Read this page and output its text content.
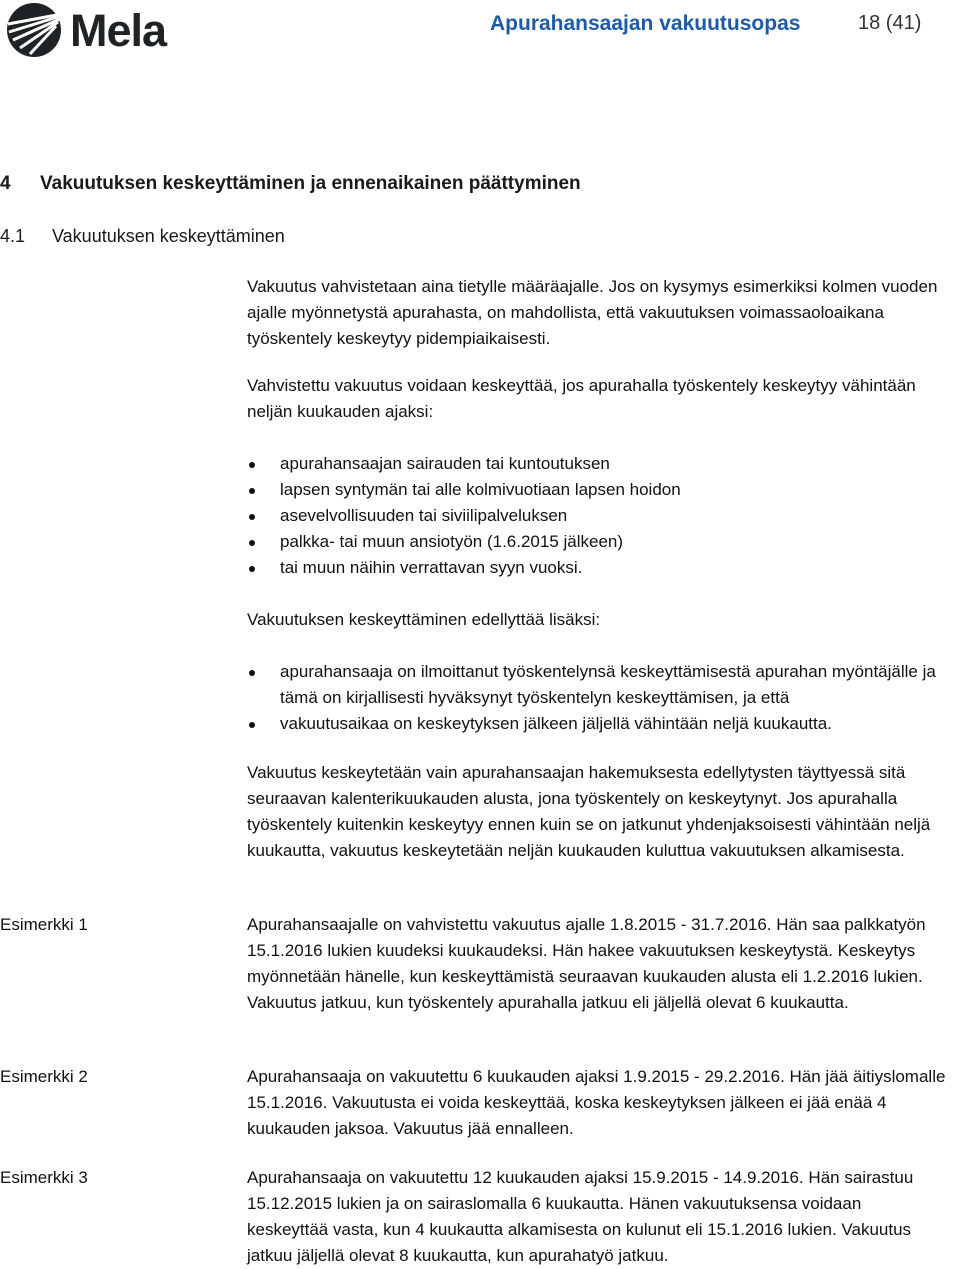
Mela	Apurahansaajan vakuutusopas	18 (41)
4 Vakuutuksen keskeyttäminen ja ennenaikainen päättyminen
4.1 Vakuutuksen keskeyttäminen
Vakuutus vahvistetaan aina tietylle määräajalle. Jos on kysymys esimerkiksi kolmen vuoden ajalle myönnetystä apurahasta, on mahdollista, että vakuutuksen voimassaoloaikana työskentely keskeytyy pidempiaikaisesti.
Vahvistettu vakuutus voidaan keskeyttää, jos apurahalla työskentely keskeytyy vähintään neljän kuukauden ajaksi:
apurahansaajan sairauden tai kuntoutuksen
lapsen syntymän tai alle kolmivuotiaan lapsen hoidon
asevelvollisuuden tai siviilipalveluksen
palkka- tai muun ansiotyön (1.6.2015 jälkeen)
tai muun näihin verrattavan syyn vuoksi.
Vakuutuksen keskeyttäminen edellyttää lisäksi:
apurahansaaja on ilmoittanut työskentelynsä keskeyttämisestä apurahan myöntäjälle ja tämä on kirjallisesti hyväksynyt työskentelyn keskeyttämisen, ja että
vakuutusaikaa on keskeytyksen jälkeen jäljellä vähintään neljä kuukautta.
Vakuutus keskeytetään vain apurahansaajan hakemuksesta edellytysten täyttyessä sitä seuraavan kalenterikuukauden alusta, jona työskentely on keskeytynyt. Jos apurahalla työskentely kuitenkin keskeytyy ennen kuin se on jatkunut yhdenjaksoisesti vähintään neljä kuukautta, vakuutus keskeytetään neljän kuukauden kuluttua vakuutuksen alkamisesta.
Esimerkki 1	Apurahansaajalle on vahvistettu vakuutus ajalle 1.8.2015 - 31.7.2016. Hän saa palkkatyön 15.1.2016 lukien kuudeksi kuukaudeksi. Hän hakee vakuutuksen keskeytystä. Keskeytys myönnetään hänelle, kun keskeyttämistä seuraavan kuukauden alusta eli 1.2.2016 lukien. Vakuutus jatkuu, kun työskentely apurahalla jatkuu eli jäljellä olevat 6 kuukautta.
Esimerkki 2	Apurahansaaja on vakuutettu 6 kuukauden ajaksi 1.9.2015 - 29.2.2016. Hän jää äitiyslomalle 15.1.2016. Vakuutusta ei voida keskeyttää, koska keskeytyksen jälkeen ei jää enää 4 kuukauden jaksoa. Vakuutus jää ennalleen.
Esimerkki 3	Apurahansaaja on vakuutettu 12 kuukauden ajaksi 15.9.2015 - 14.9.2016. Hän sairastuu 15.12.2015 lukien ja on sairaslomalla 6 kuukautta. Hänen vakuutuksensa voidaan keskeyttää vasta, kun 4 kuukautta alkamisesta on kulunut eli 15.1.2016 lukien. Vakuutus jatkuu jäljellä olevat 8 kuukautta, kun apurahatyö jatkuu.
